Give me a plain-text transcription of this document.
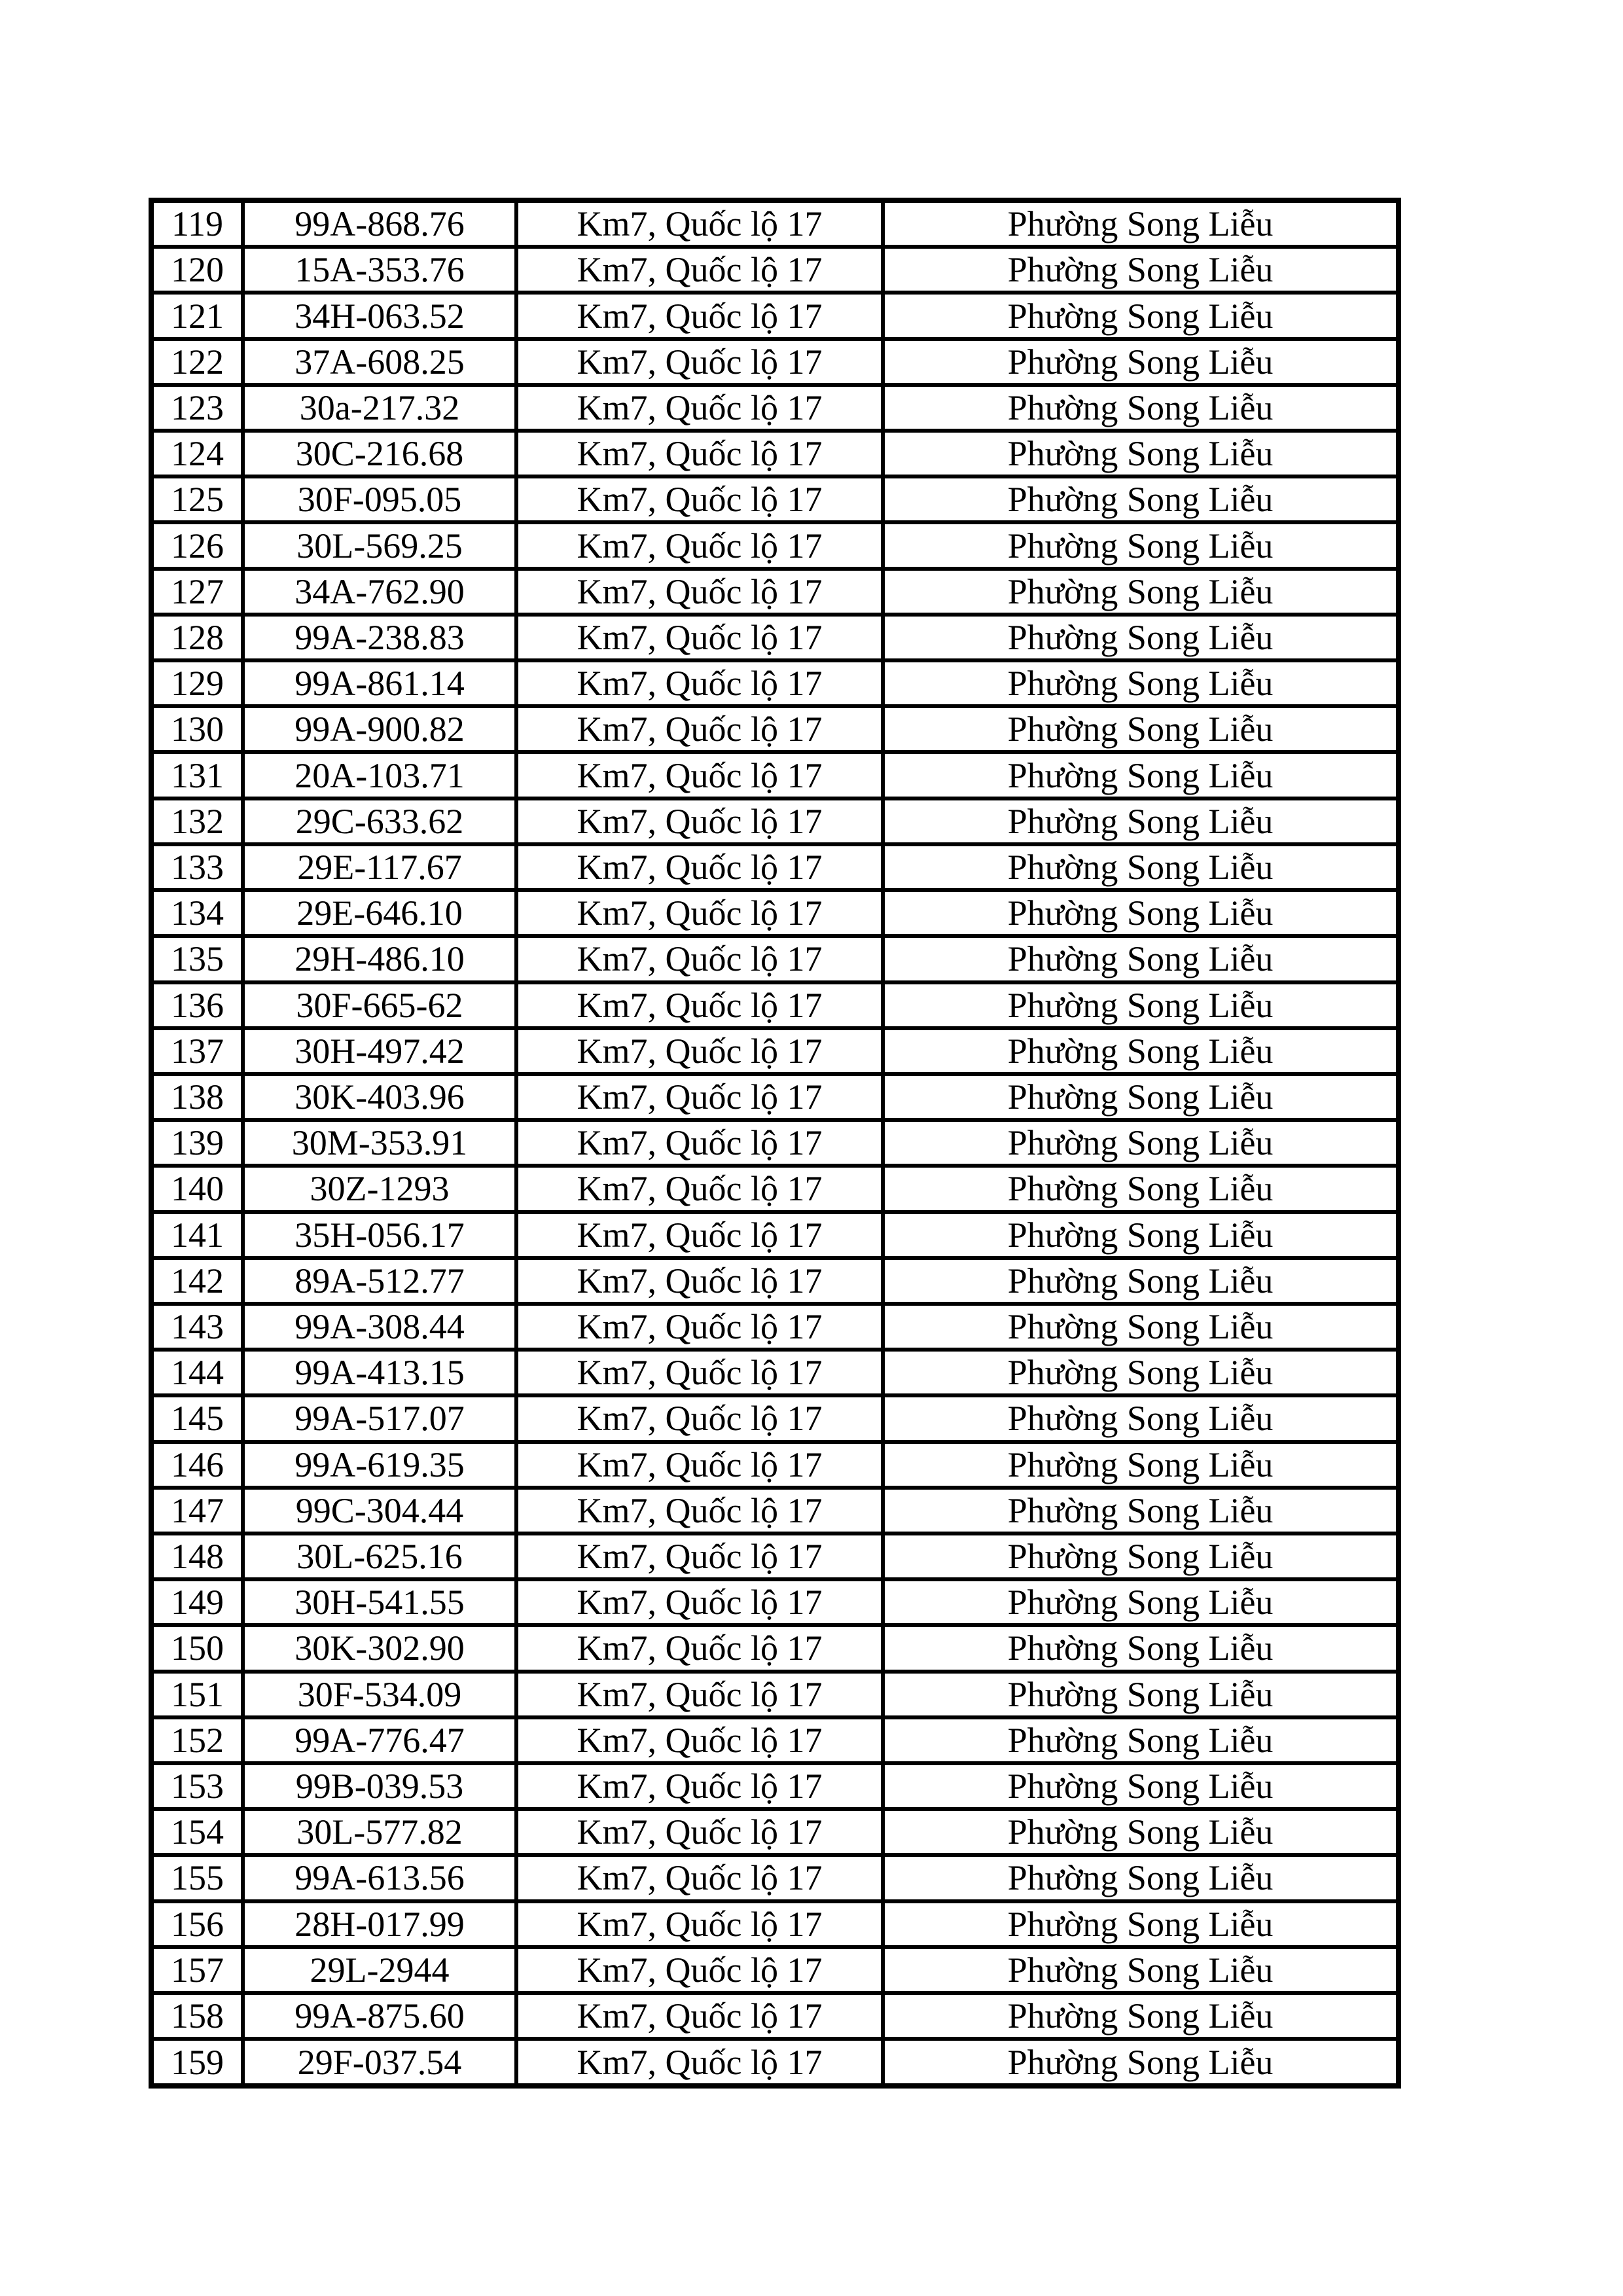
119	99A-868.76	Km7, Quốc lộ 17	Phường Song Liễu
120	15A-353.76	Km7, Quốc lộ 17	Phường Song Liễu
121	34H-063.52	Km7, Quốc lộ 17	Phường Song Liễu
122	37A-608.25	Km7, Quốc lộ 17	Phường Song Liễu
123	30a-217.32	Km7, Quốc lộ 17	Phường Song Liễu
124	30C-216.68	Km7, Quốc lộ 17	Phường Song Liễu
125	30F-095.05	Km7, Quốc lộ 17	Phường Song Liễu
126	30L-569.25	Km7, Quốc lộ 17	Phường Song Liễu
127	34A-762.90	Km7, Quốc lộ 17	Phường Song Liễu
128	99A-238.83	Km7, Quốc lộ 17	Phường Song Liễu
129	99A-861.14	Km7, Quốc lộ 17	Phường Song Liễu
130	99A-900.82	Km7, Quốc lộ 17	Phường Song Liễu
131	20A-103.71	Km7, Quốc lộ 17	Phường Song Liễu
132	29C-633.62	Km7, Quốc lộ 17	Phường Song Liễu
133	29E-117.67	Km7, Quốc lộ 17	Phường Song Liễu
134	29E-646.10	Km7, Quốc lộ 17	Phường Song Liễu
135	29H-486.10	Km7, Quốc lộ 17	Phường Song Liễu
136	30F-665-62	Km7, Quốc lộ 17	Phường Song Liễu
137	30H-497.42	Km7, Quốc lộ 17	Phường Song Liễu
138	30K-403.96	Km7, Quốc lộ 17	Phường Song Liễu
139	30M-353.91	Km7, Quốc lộ 17	Phường Song Liễu
140	30Z-1293	Km7, Quốc lộ 17	Phường Song Liễu
141	35H-056.17	Km7, Quốc lộ 17	Phường Song Liễu
142	89A-512.77	Km7, Quốc lộ 17	Phường Song Liễu
143	99A-308.44	Km7, Quốc lộ 17	Phường Song Liễu
144	99A-413.15	Km7, Quốc lộ 17	Phường Song Liễu
145	99A-517.07	Km7, Quốc lộ 17	Phường Song Liễu
146	99A-619.35	Km7, Quốc lộ 17	Phường Song Liễu
147	99C-304.44	Km7, Quốc lộ 17	Phường Song Liễu
148	30L-625.16	Km7, Quốc lộ 17	Phường Song Liễu
149	30H-541.55	Km7, Quốc lộ 17	Phường Song Liễu
150	30K-302.90	Km7, Quốc lộ 17	Phường Song Liễu
151	30F-534.09	Km7, Quốc lộ 17	Phường Song Liễu
152	99A-776.47	Km7, Quốc lộ 17	Phường Song Liễu
153	99B-039.53	Km7, Quốc lộ 17	Phường Song Liễu
154	30L-577.82	Km7, Quốc lộ 17	Phường Song Liễu
155	99A-613.56	Km7, Quốc lộ 17	Phường Song Liễu
156	28H-017.99	Km7, Quốc lộ 17	Phường Song Liễu
157	29L-2944	Km7, Quốc lộ 17	Phường Song Liễu
158	99A-875.60	Km7, Quốc lộ 17	Phường Song Liễu
159	29F-037.54	Km7, Quốc lộ 17	Phường Song Liễu
